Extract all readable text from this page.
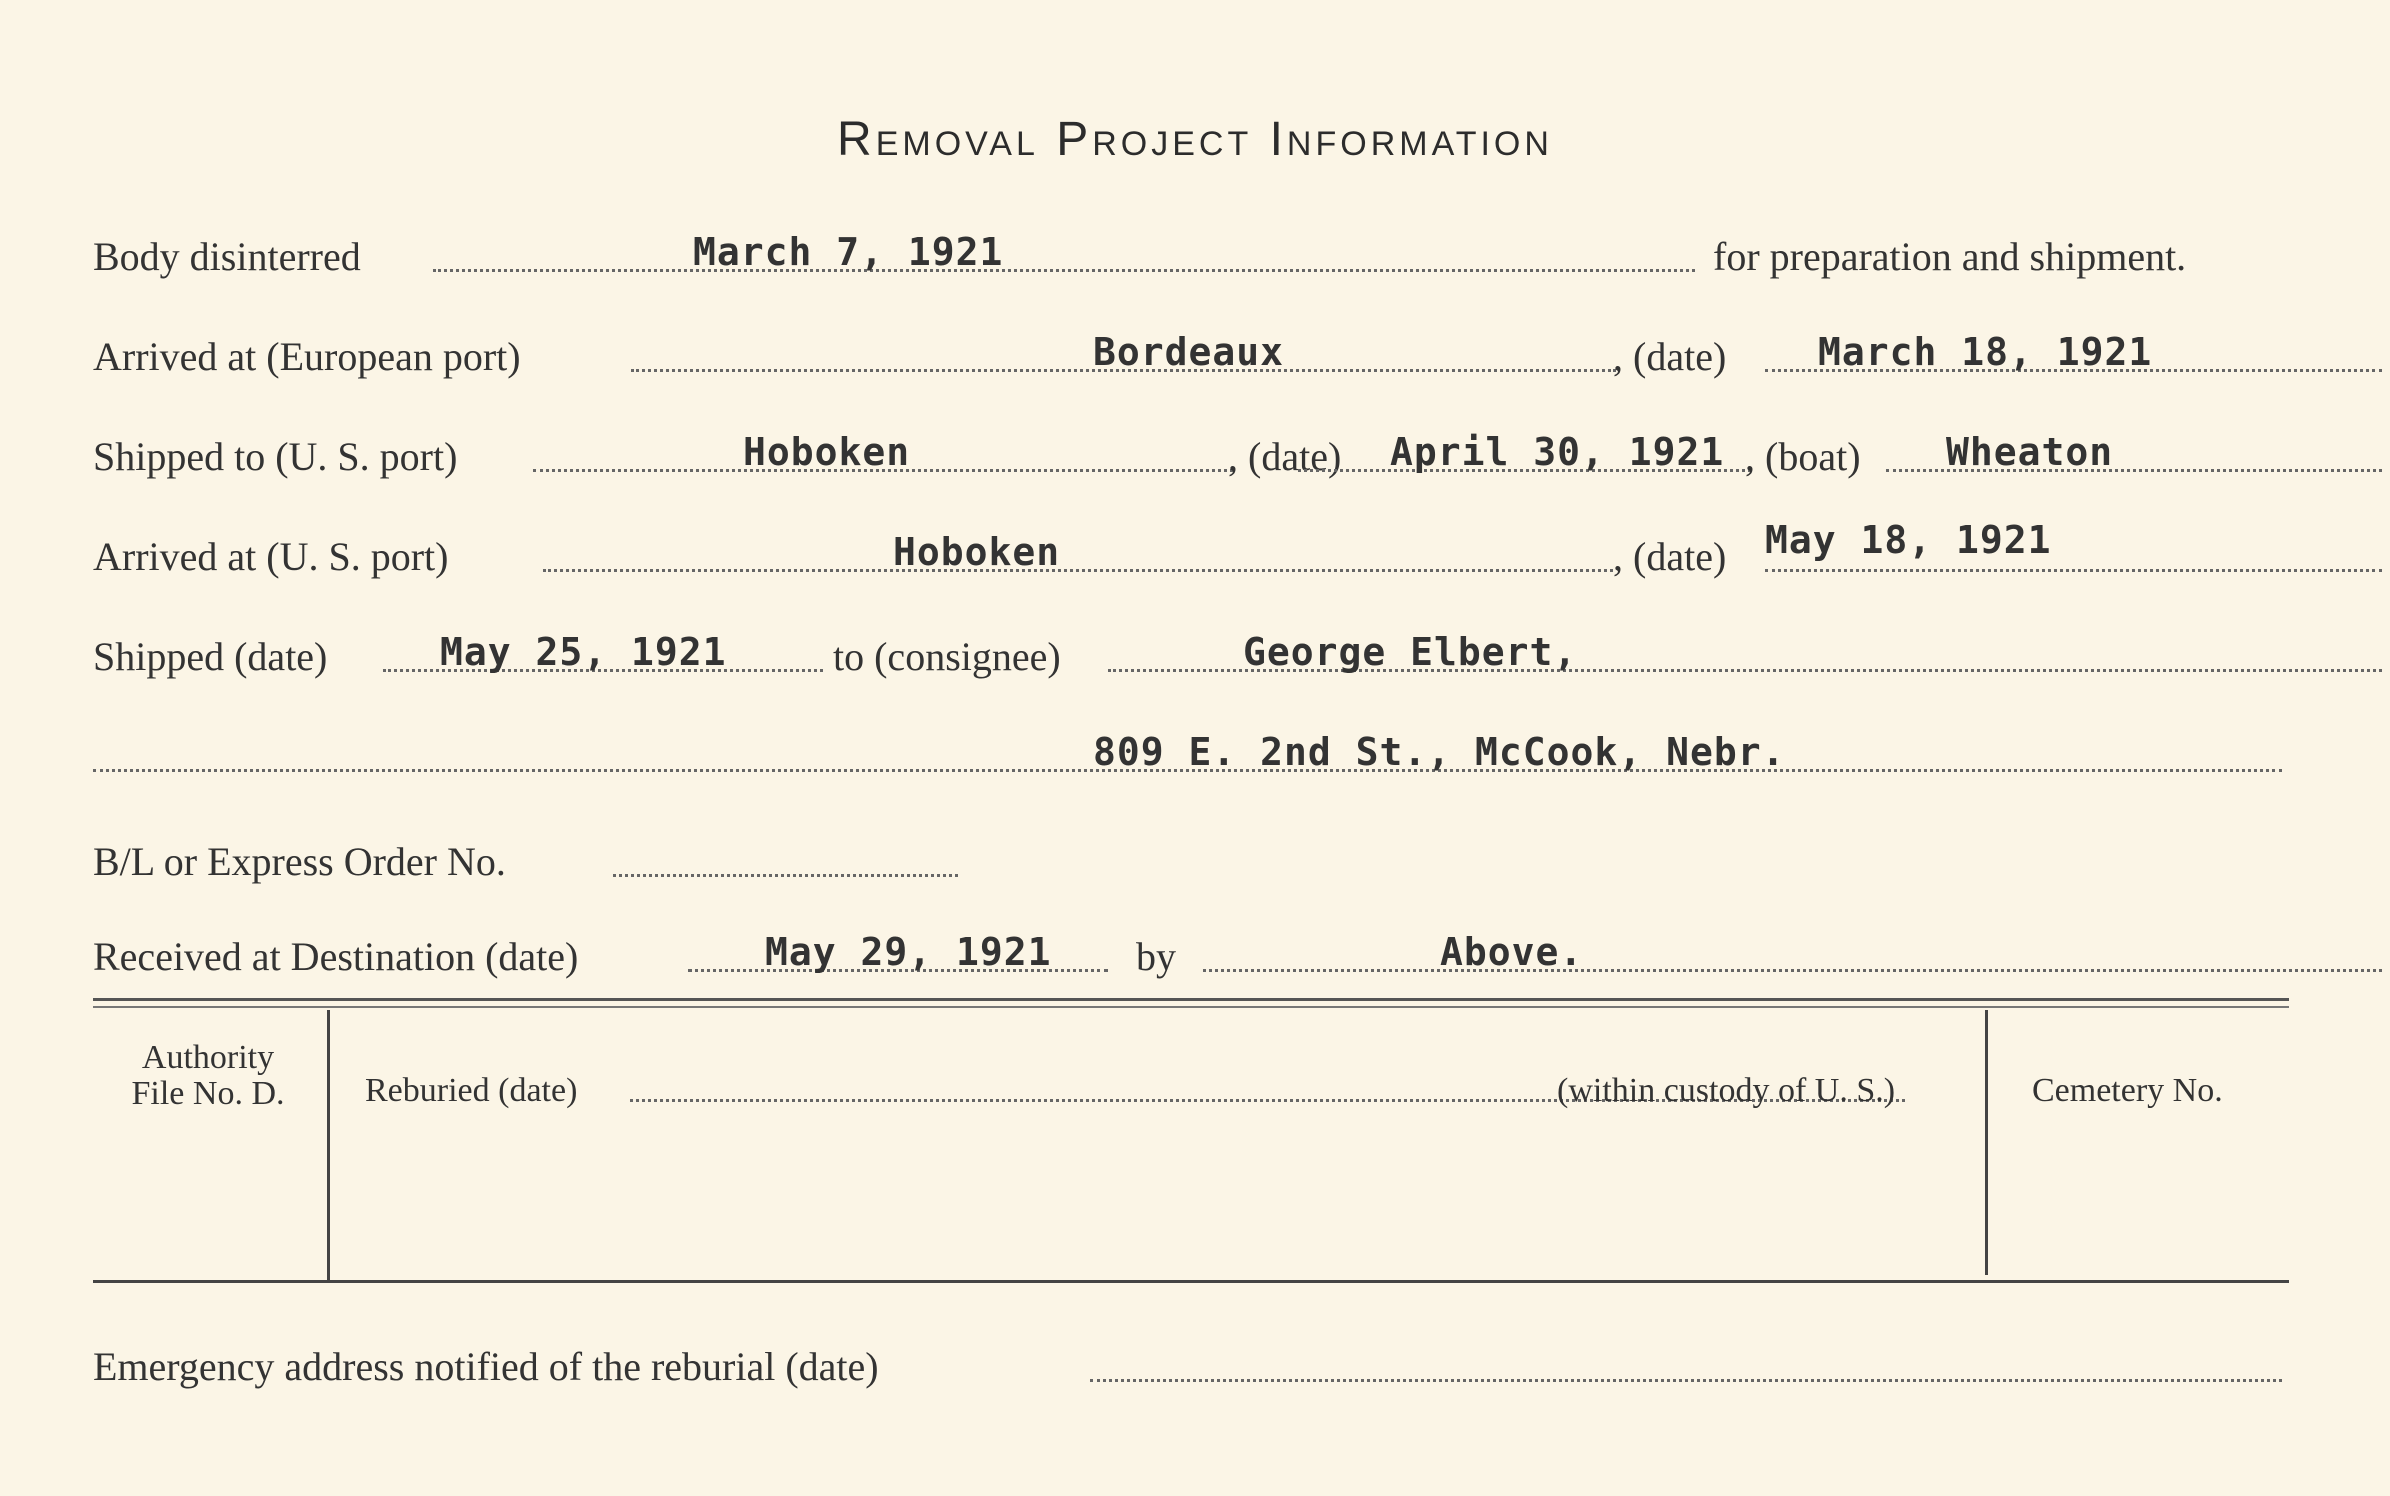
Removal Project Information
Body disinterred	March 7, 1921	for preparation and shipment.
Arrived at (European port)	Bordeaux	, (date) March 18, 1921
Shipped to (U. S. port)	Hoboken	, (date) April 30, 1921 , (boat) Wheaton
Arrived at (U. S. port)	Hoboken	, (date) May 18, 1921
Shipped (date)	May 25, 1921	to (consignee)	George Elbert,
809 E. 2nd St., McCook, Nebr.
B/L or Express Order No.
Received at Destination (date)	May 29, 1921 by	Above.
Authority
File No. D.	Reburied (date)	(within custody of U. S.)	Cemetery No.
Emergency address notified of the reburial (date)
